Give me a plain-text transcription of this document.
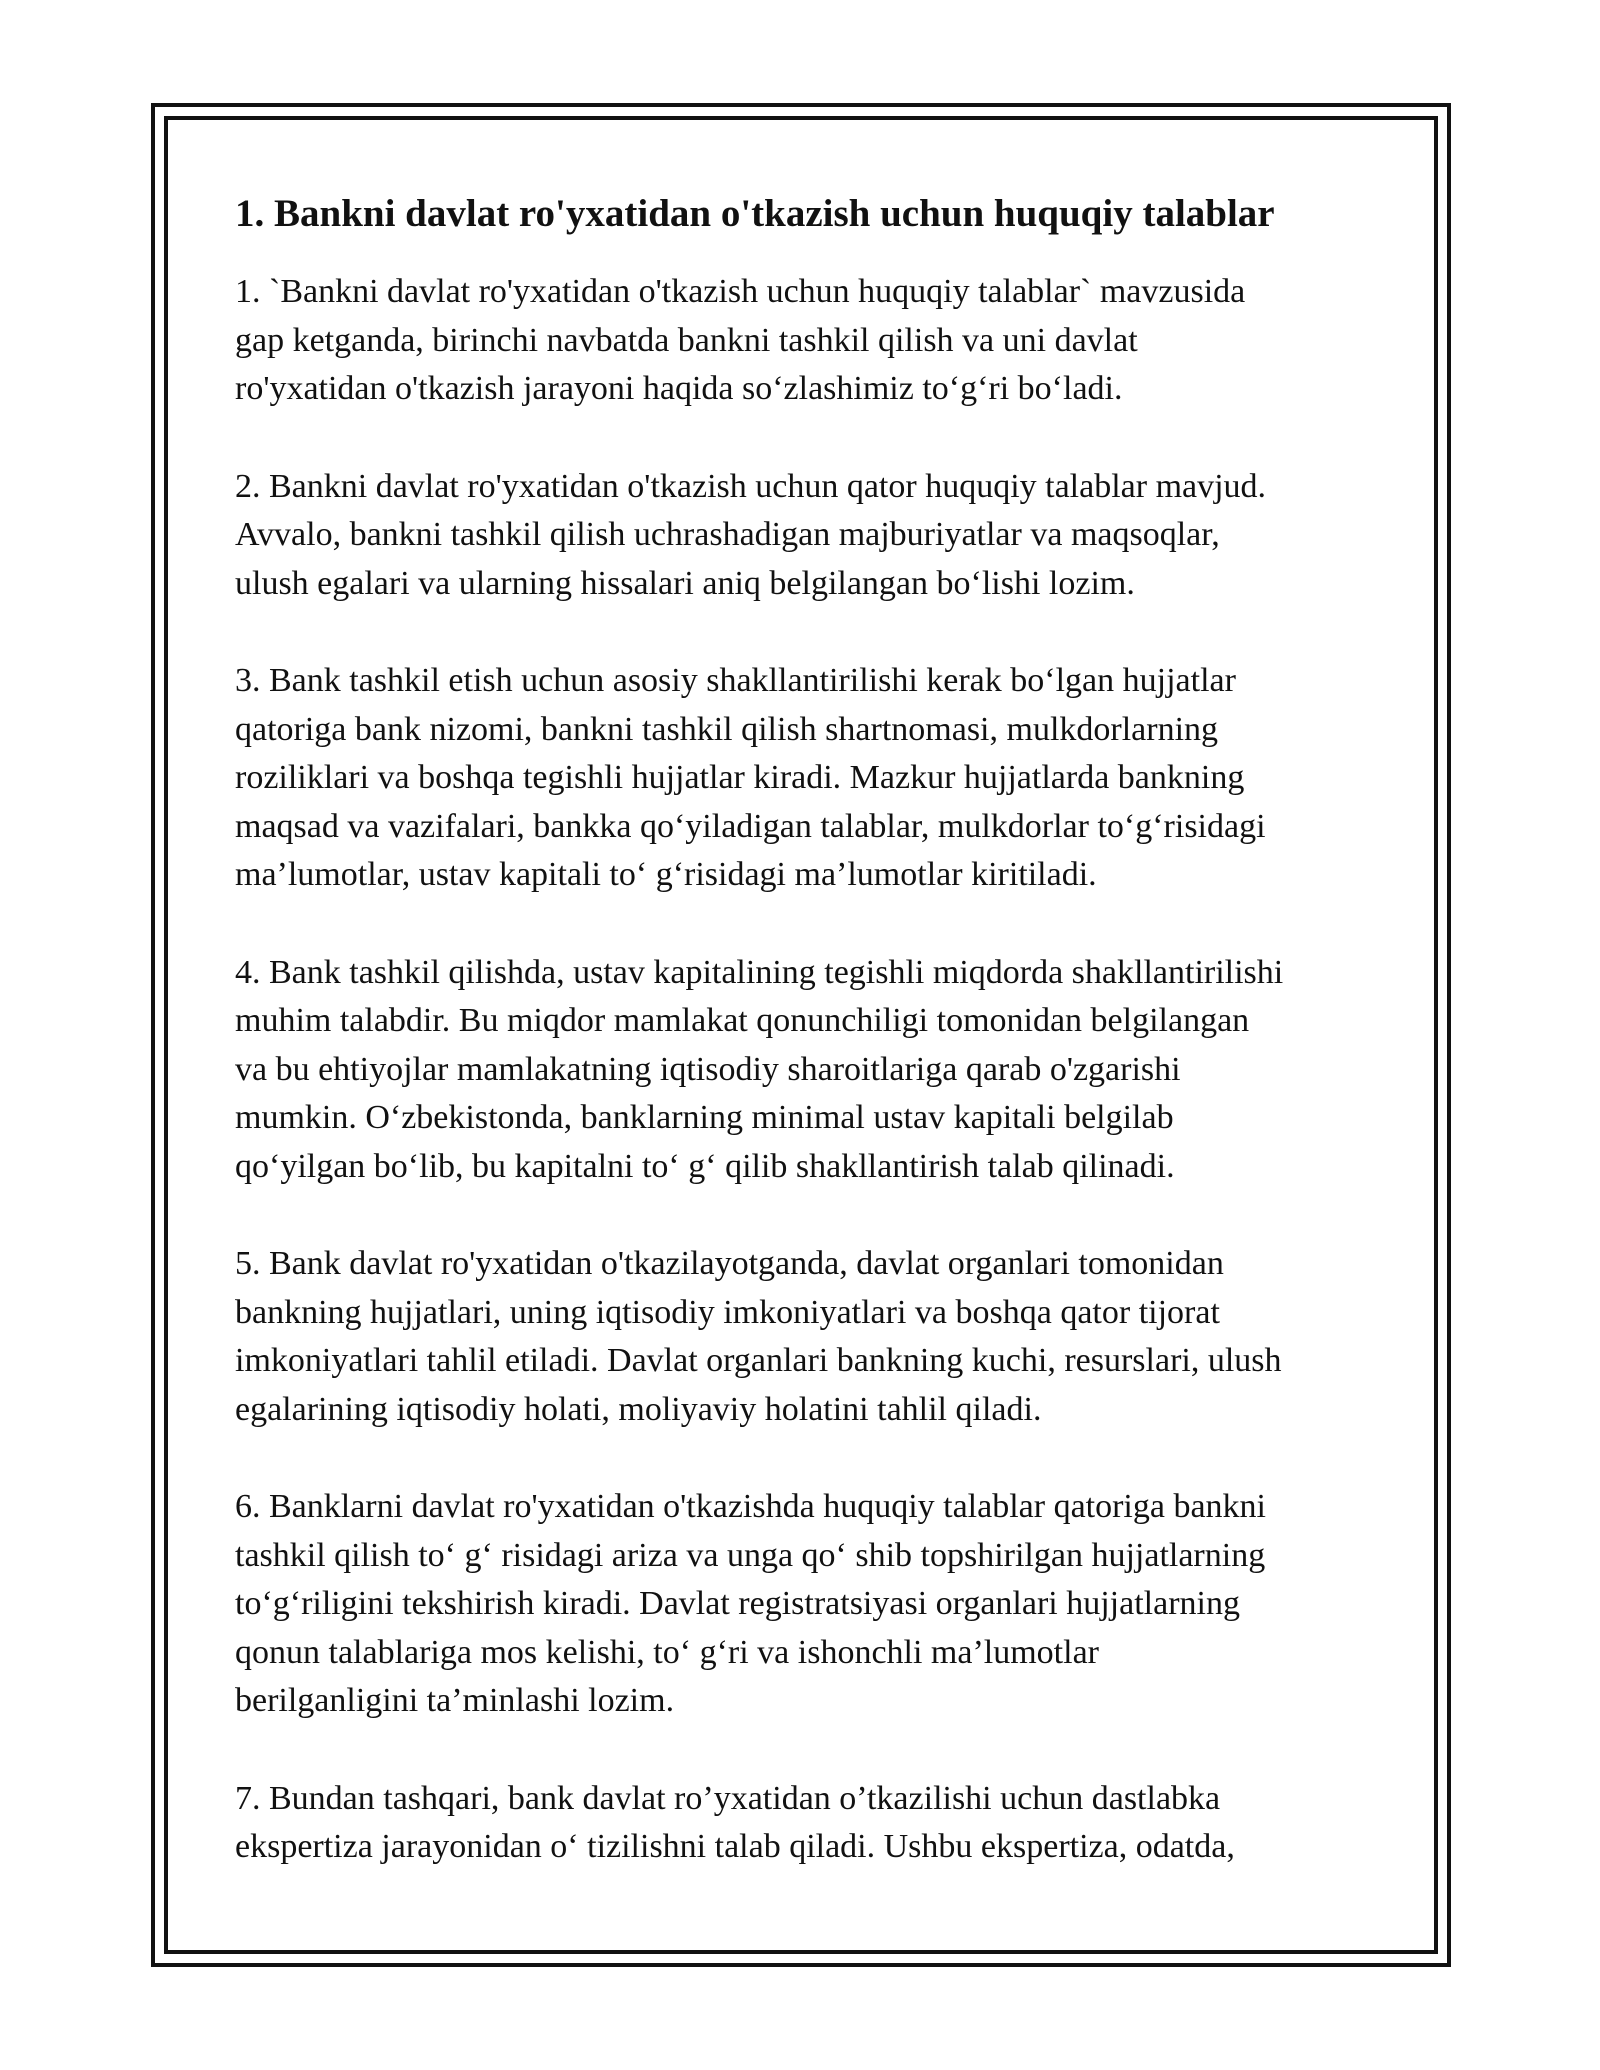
1. Bankni davlat ro'yxatidan o'tkazish uchun huquqiy talablar

1. `Bankni davlat ro'yxatidan o'tkazish uchun huquqiy talablar` mavzusida
gap ketganda, birinchi navbatda bankni tashkil qilish va uni davlat
ro'yxatidan o'tkazish jarayoni haqida so‘zlashimiz to‘g‘ri bo‘ladi.

2. Bankni davlat ro'yxatidan o'tkazish uchun qator huquqiy talablar mavjud.
Avvalo, bankni tashkil qilish uchrashadigan majburiyatlar va maqsoqlar,
ulush egalari va ularning hissalari aniq belgilangan bo‘lishi lozim.

3. Bank tashkil etish uchun asosiy shakllantirilishi kerak bo‘lgan hujjatlar
qatoriga bank nizomi, bankni tashkil qilish shartnomasi, mulkdorlarning
roziliklari va boshqa tegishli hujjatlar kiradi. Mazkur hujjatlarda bankning
maqsad va vazifalari, bankka qo‘yiladigan talablar, mulkdorlar to‘g‘risidagi
ma’lumotlar, ustav kapitali to‘ g‘risidagi ma’lumotlar kiritiladi.

4. Bank tashkil qilishda, ustav kapitalining tegishli miqdorda shakllantirilishi
muhim talabdir. Bu miqdor mamlakat qonunchiligi tomonidan belgilangan
va bu ehtiyojlar mamlakatning iqtisodiy sharoitlariga qarab o'zgarishi
mumkin. O‘zbekistonda, banklarning minimal ustav kapitali belgilab
qo‘yilgan bo‘lib, bu kapitalni to‘ g‘ qilib shakllantirish talab qilinadi.

5. Bank davlat ro'yxatidan o'tkazilayotganda, davlat organlari tomonidan
bankning hujjatlari, uning iqtisodiy imkoniyatlari va boshqa qator tijorat
imkoniyatlari tahlil etiladi. Davlat organlari bankning kuchi, resurslari, ulush
egalarining iqtisodiy holati, moliyaviy holatini tahlil qiladi.

6. Banklarni davlat ro'yxatidan o'tkazishda huquqiy talablar qatoriga bankni
tashkil qilish to‘ g‘ risidagi ariza va unga qo‘ shib topshirilgan hujjatlarning
to‘g‘riligini tekshirish kiradi. Davlat registratsiyasi organlari hujjatlarning
qonun talablariga mos kelishi, to‘ g‘ri va ishonchli ma’lumotlar
berilganligini ta’minlashi lozim.

7. Bundan tashqari, bank davlat ro’yxatidan o’tkazilishi uchun dastlabka
ekspertiza jarayonidan o‘ tizilishni talab qiladi. Ushbu ekspertiza, odatda,
